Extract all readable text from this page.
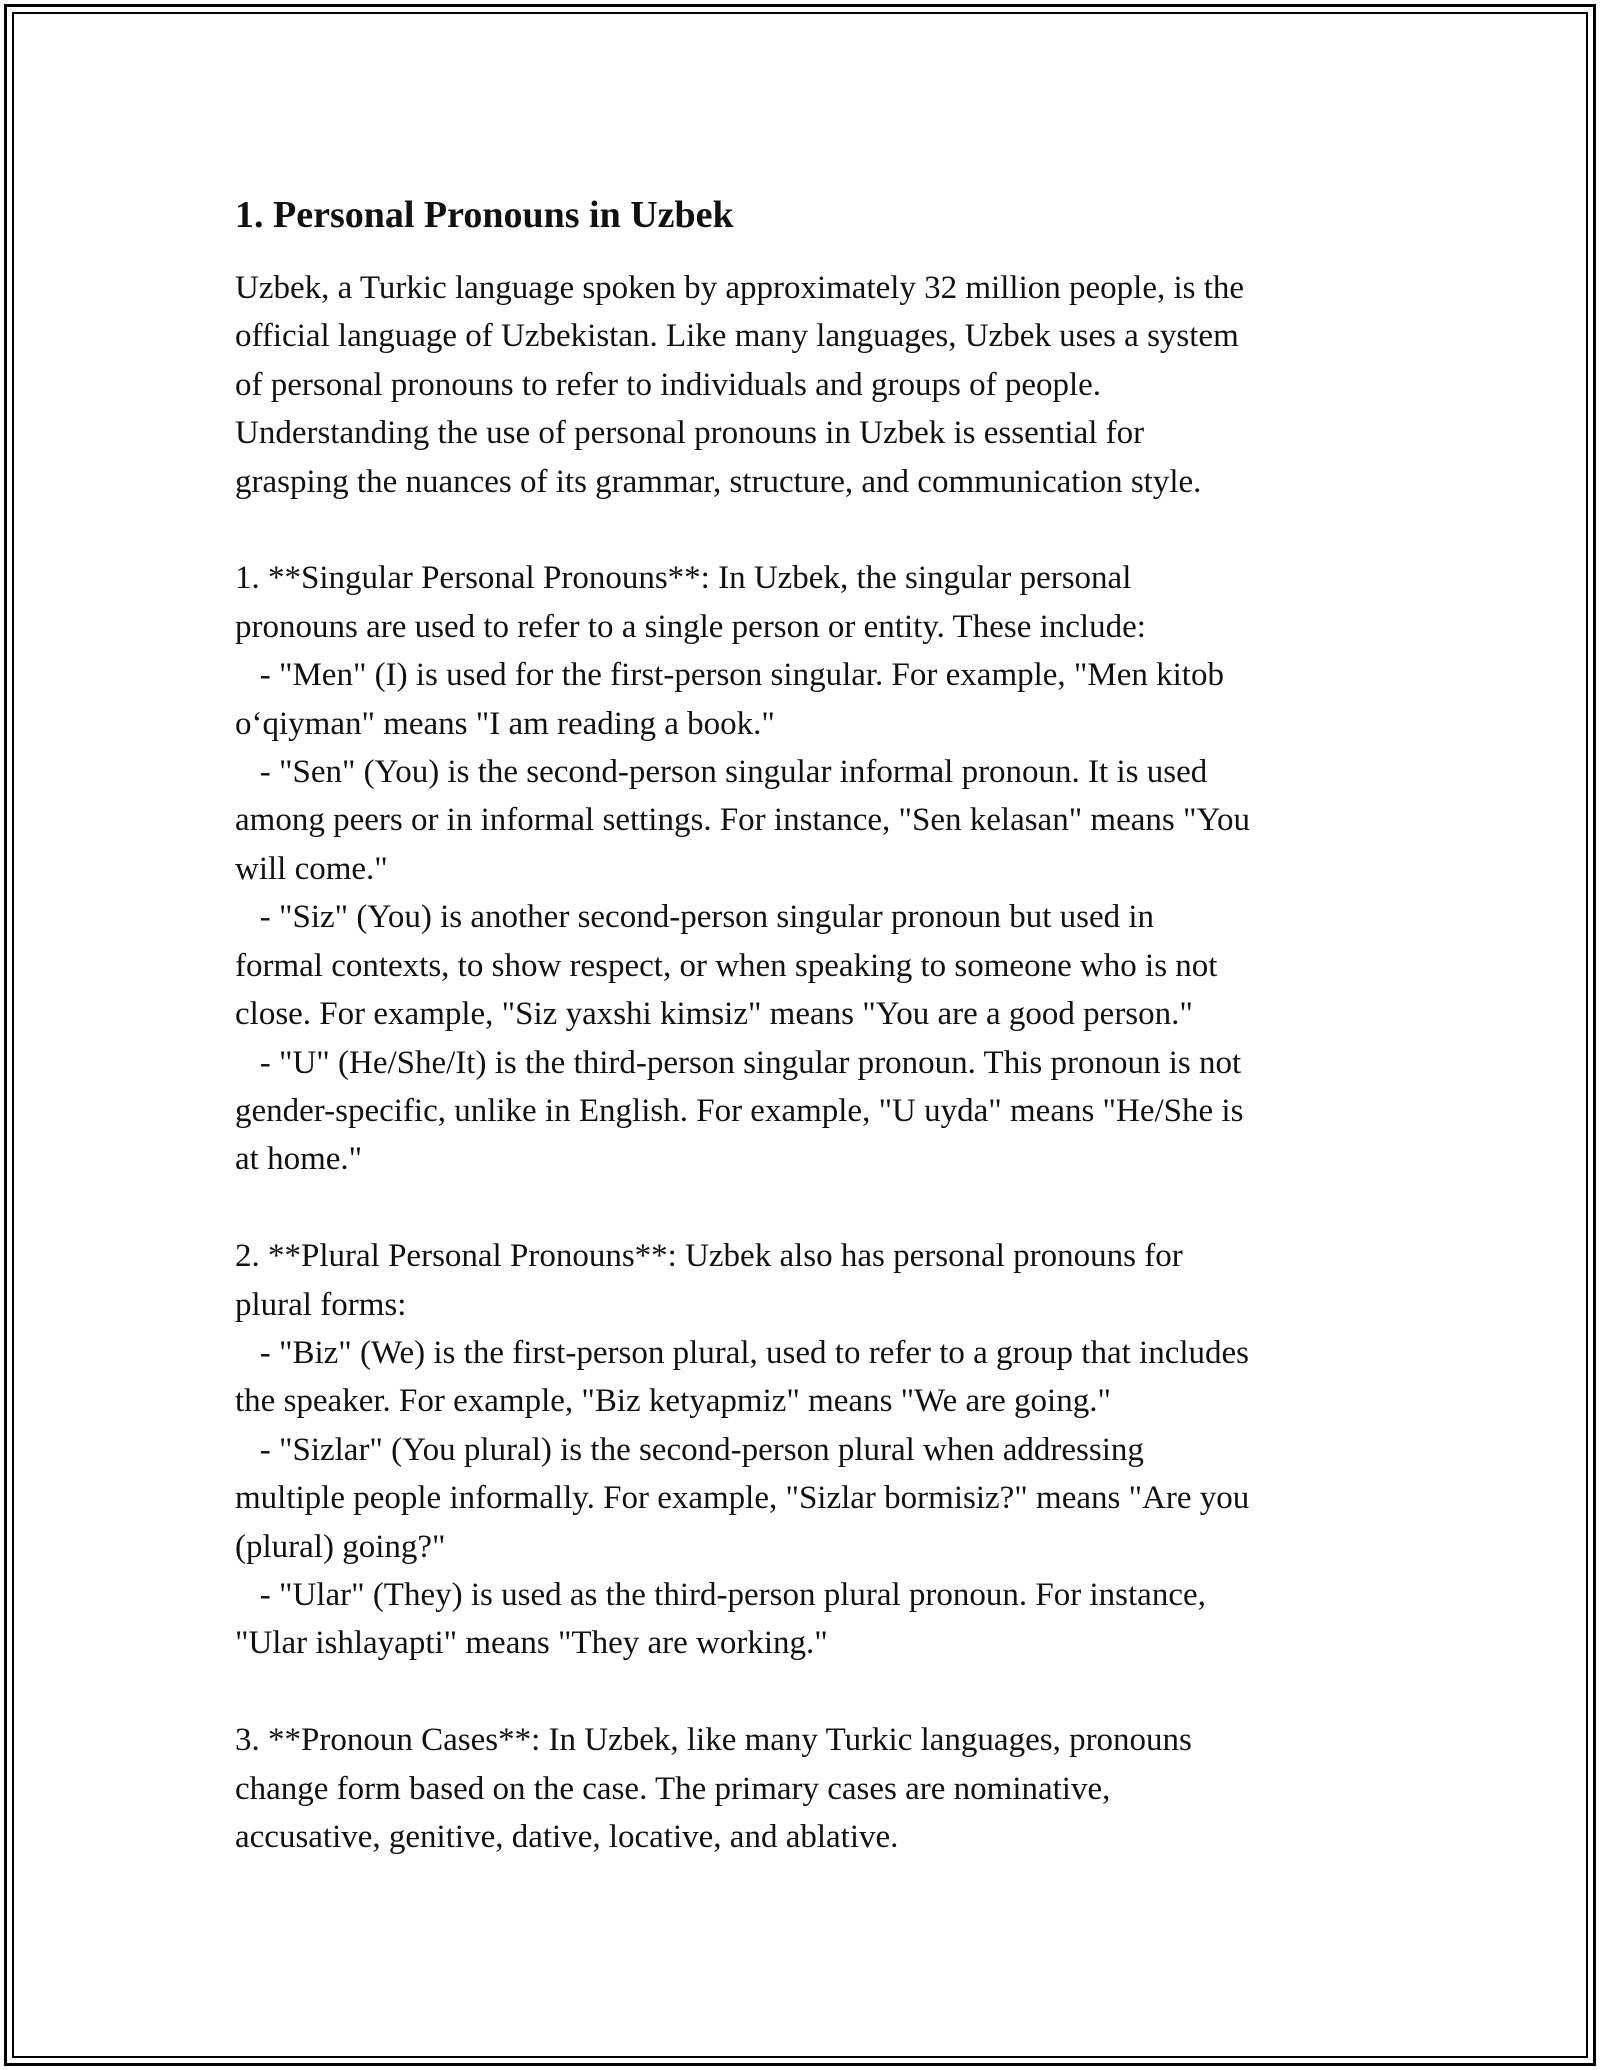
1. Personal Pronouns in Uzbek
Uzbek, a Turkic language spoken by approximately 32 million people, is the
official language of Uzbekistan. Like many languages, Uzbek uses a system
of personal pronouns to refer to individuals and groups of people.
Understanding the use of personal pronouns in Uzbek is essential for
grasping the nuances of its grammar, structure, and communication style.

1. **Singular Personal Pronouns**: In Uzbek, the singular personal
pronouns are used to refer to a single person or entity. These include:
- "Men" (I) is used for the first-person singular. For example, "Men kitob
o‘qiyman" means "I am reading a book."
- "Sen" (You) is the second-person singular informal pronoun. It is used
among peers or in informal settings. For instance, "Sen kelasan" means "You
will come."
- "Siz" (You) is another second-person singular pronoun but used in
formal contexts, to show respect, or when speaking to someone who is not
close. For example, "Siz yaxshi kimsiz" means "You are a good person."
- "U" (He/She/It) is the third-person singular pronoun. This pronoun is not
gender-specific, unlike in English. For example, "U uyda" means "He/She is
at home."

2. **Plural Personal Pronouns**: Uzbek also has personal pronouns for
plural forms:
- "Biz" (We) is the first-person plural, used to refer to a group that includes
the speaker. For example, "Biz ketyapmiz" means "We are going."
- "Sizlar" (You plural) is the second-person plural when addressing
multiple people informally. For example, "Sizlar bormisiz?" means "Are you
(plural) going?"
- "Ular" (They) is used as the third-person plural pronoun. For instance,
"Ular ishlayapti" means "They are working."

3. **Pronoun Cases**: In Uzbek, like many Turkic languages, pronouns
change form based on the case. The primary cases are nominative,
accusative, genitive, dative, locative, and ablative.
